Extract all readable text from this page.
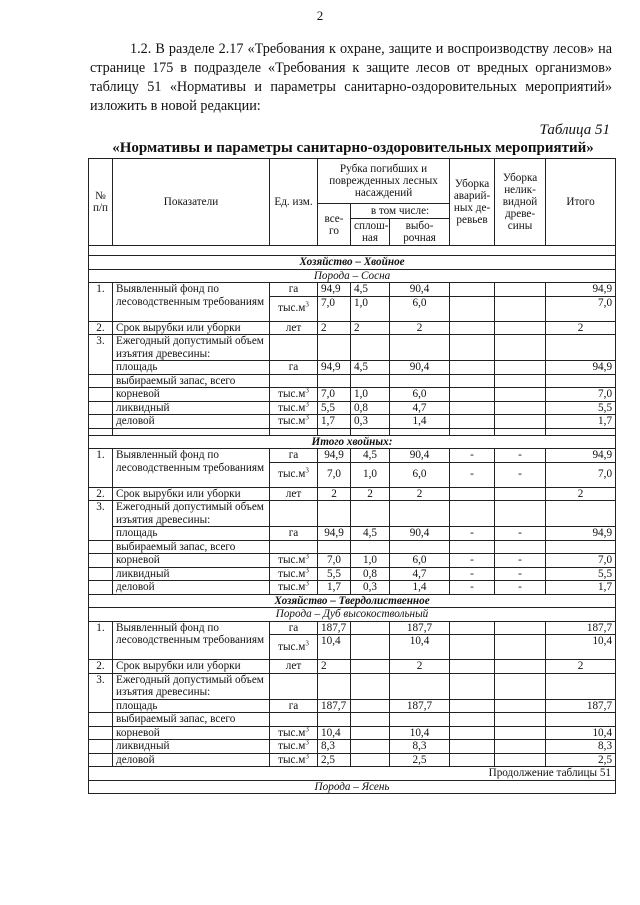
2

1.2. В разделе 2.17 «Требования к охране, защите и воспроизводству лесов» на странице 175 в подразделе «Требования к защите лесов от вредных организмов» таблицу 51 «Нормативы и параметры санитарно-оздоровительных мероприятий» изложить в новой редакции:

Таблица 51
«Нормативы и параметры санитарно-оздоровительных мероприятий»
№ п/п	Показатели	Ед. изм.	Рубка погибших и поврежденных лесных насаждений			Уборка аварий-ных де-ревьев	Уборка нелик-видной древе-сины	Итого
			все-го	в том числе:				
				сплош-ная	выбо-рочная			

Хозяйство – Хвойное								
Порода – Сосна								
1.	Выявленный фонд по лесоводственным требованиям	га	94,9	4,5	90,4			94,9
		$тыс.м^3$	7,0	1,0	6,0			7,0
2.	Срок вырубки или уборки	лет	2	2	2			2
3.	Ежегодный допустимый объем изъятия древесины:							
	площадь	га	94,9	4,5	90,4			94,9
	выбираемый запас, всего							
	корневой	$тыс.м^3$	7,0	1,0	6,0			7,0
	ликвидный	$тыс.м^3$	5,5	0,8	4,7			5,5
	деловой	$тыс.м^3$	1,7	0,3	1,4			1,7

Итого хвойных:								
1.	Выявленный фонд по лесоводственным требованиям	га	94,9	4,5	90,4	-	-	94,9
		$тыс.м^3$	7,0	1,0	6,0	-	-	7,0
2.	Срок вырубки или уборки	лет	2	2	2			2
3.	Ежегодный допустимый объем изъятия древесины:							
	площадь	га	94,9	4,5	90,4	-	-	94,9
	выбираемый запас, всего							
	корневой	$тыс.м^3$	7,0	1,0	6,0	-	-	7,0
	ликвидный	$тыс.м^3$	5,5	0,8	4,7	-	-	5,5
	деловой	$тыс.м^3$	1,7	0,3	1,4	-	-	1,7
Хозяйство – Твердолиственное								
Порода – Дуб высокоствольный								
1.	Выявленный фонд по лесоводственным требованиям	га	187,7		187,7			187,7
		$тыс.м^3$	10,4		10,4			10,4
2.	Срок вырубки или уборки	лет	2		2			2
3.	Ежегодный допустимый объем изъятия древесины:							
	площадь	га	187,7		187,7			187,7
	выбираемый запас, всего							
	корневой	$тыс.м^3$	10,4		10,4			10,4
	ликвидный	$тыс.м^3$	8,3		8,3			8,3
	деловой	$тыс.м^3$	2,5		2,5			2,5
Продолжение таблицы 51								
Порода – Ясень								
